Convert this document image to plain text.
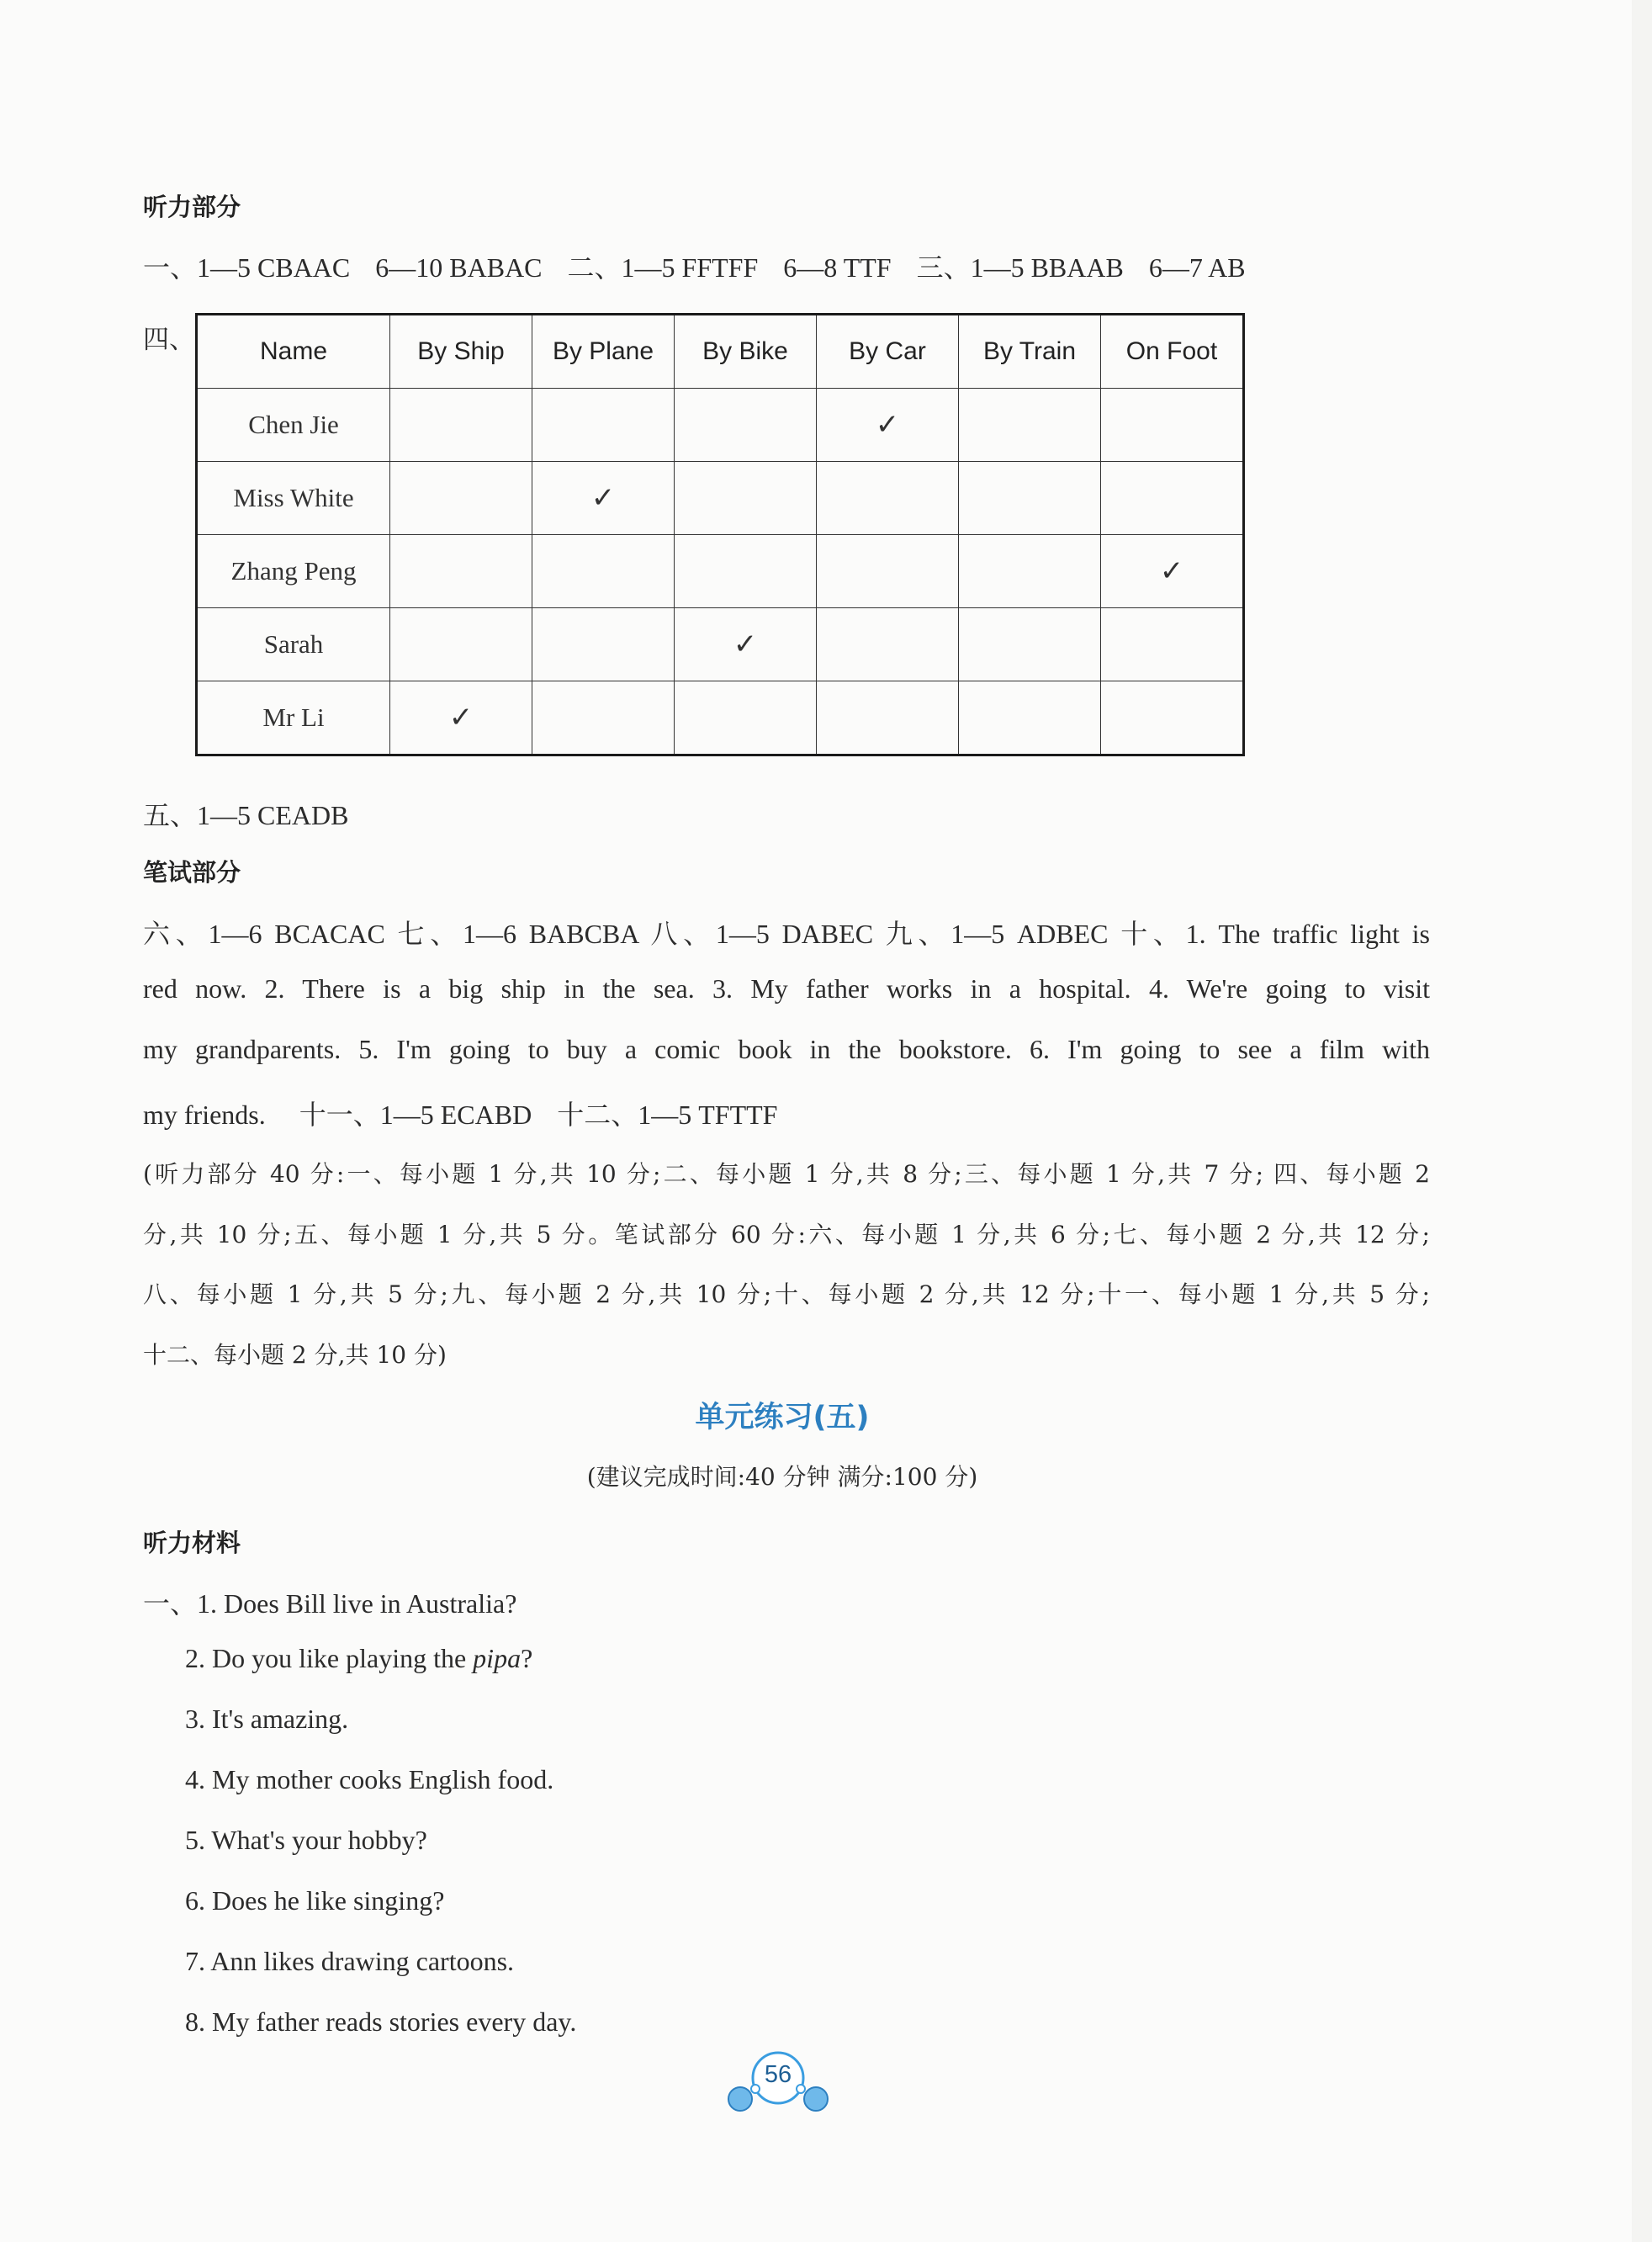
听力部分
一、1—5 CBAAC 6—10 BABAC 二、1—5 FFTFF 6—8 TTF 三、1—5 BBAAB 6—7 AB
四、	Name	By Ship	By Plane	By Bike	By Car	By Train	On Foot
Chen Jie				✓		
Miss White		✓				
Zhang Peng						✓
Sarah			✓			
Mr Li	✓					
五、1—5 CEADB
笔试部分
六、1—6 BCACAC 七、1—6 BABCBA 八、1—5 DABEC 九、1—5 ADBEC 十、1. The traffic light is
red now. 2. There is a big ship in the sea. 3. My father works in a hospital. 4. We're going to visit
my grandparents. 5. I'm going to buy a comic book in the bookstore. 6. I'm going to see a film with
my friends. 十一、1—5 ECABD 十二、1—5 TFTTF
(听力部分 40 分:一、每小题 1 分,共 10 分;二、每小题 1 分,共 8 分;三、每小题 1 分,共 7 分; 四、每小题 2
分,共 10 分;五、每小题 1 分,共 5 分。笔试部分 60 分:六、每小题 1 分,共 6 分;七、每小题 2 分,共 12 分;
八、每小题 1 分,共 5 分;九、每小题 2 分,共 10 分;十、每小题 2 分,共 12 分;十一、每小题 1 分,共 5 分;
十二、每小题 2 分,共 10 分)
单元练习(五)
(建议完成时间:40 分钟 满分:100 分)
听力材料
一、1. Does Bill live in Australia?
2. Do you like playing the pipa?
3. It's amazing.
4. My mother cooks English food.
5. What's your hobby?
6. Does he like singing?
7. Ann likes drawing cartoons.
8. My father reads stories every day.
56
